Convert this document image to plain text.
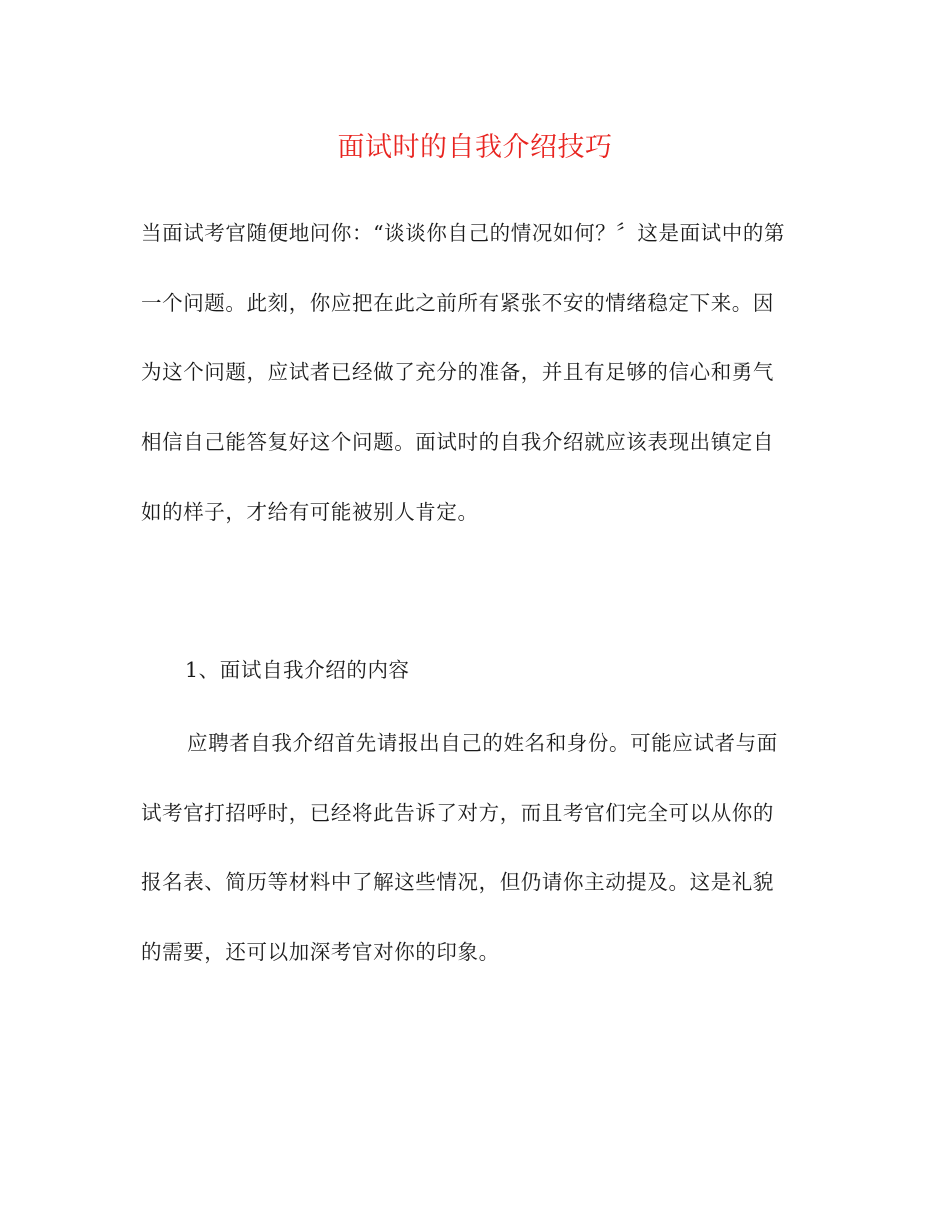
面试时的自我介绍技巧
当面试考官随便地问你：“谈谈你自己的情况如何？〞这是面试中的第
一个问题。此刻，你应把在此之前所有紧张不安的情绪稳定下来。因
为这个问题，应试者已经做了充分的准备，并且有足够的信心和勇气
相信自己能答复好这个问题。面试时的自我介绍就应该表现出镇定自
如的样子，才给有可能被别人肯定。
1、面试自我介绍的内容
应聘者自我介绍首先请报出自己的姓名和身份。可能应试者与面
试考官打招呼时，已经将此告诉了对方，而且考官们完全可以从你的
报名表、简历等材料中了解这些情况，但仍请你主动提及。这是礼貌
的需要，还可以加深考官对你的印象。
